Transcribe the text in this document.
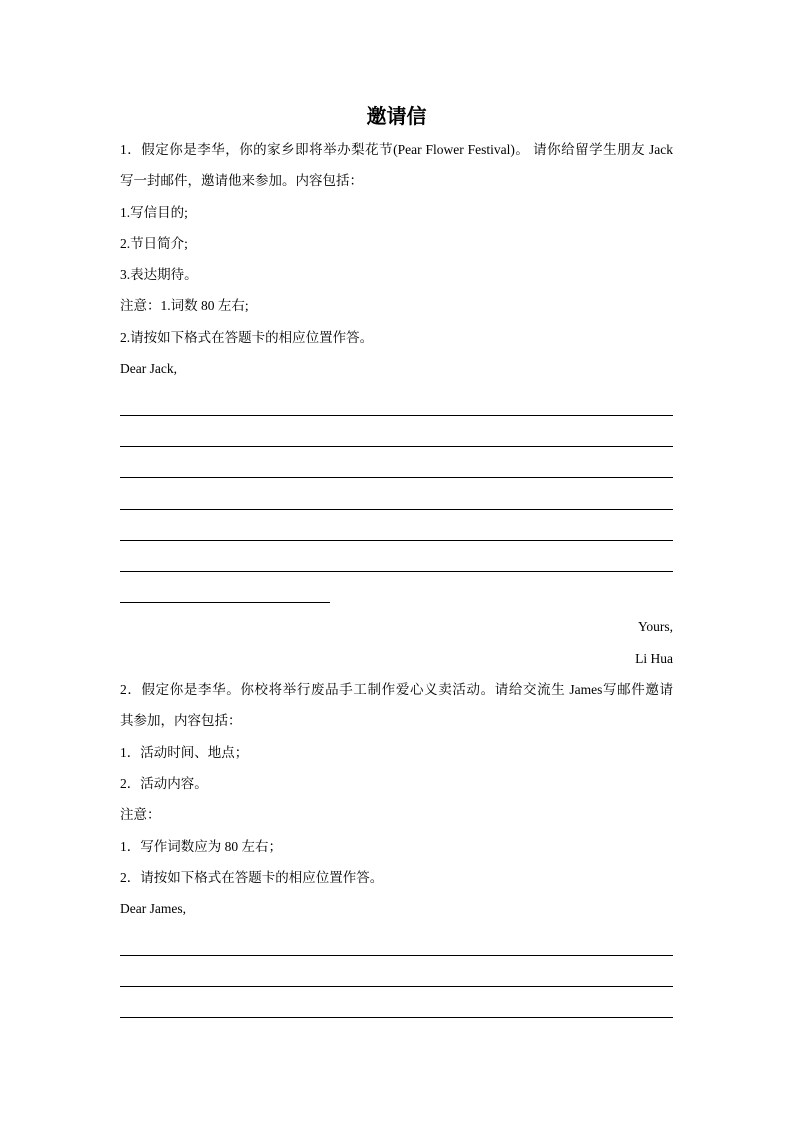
邀请信

1．假定你是李华，你的家乡即将举办梨花节(Pear Flower Festival)。 请你给留学生朋友 Jack

写一封邮件，邀请他来参加。内容包括：

1.写信目的;

2.节日简介;

3.表达期待。

注意：1.词数 80 左右;

2.请按如下格式在答题卡的相应位置作答。

Dear Jack,

Yours,

Li Hua

2．假定你是李华。你校将举行废品手工制作爱心义卖活动。请给交流生 James写邮件邀请

其参加，内容包括：

1．活动时间、地点；

2．活动内容。

注意：

1．写作词数应为 80 左右；

2．请按如下格式在答题卡的相应位置作答。

Dear James,
